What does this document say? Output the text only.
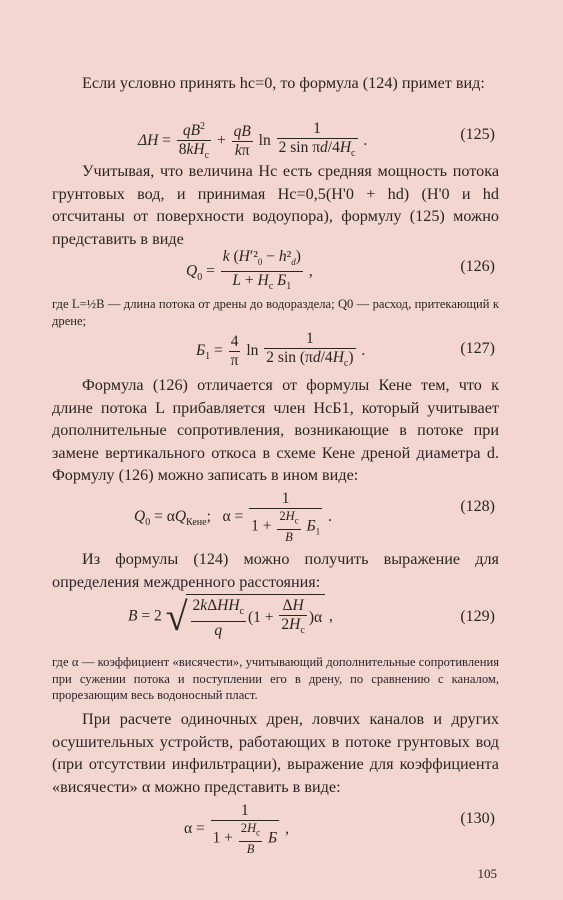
Если условно принять hс=0, то формула (124) примет вид:

$\Delta H = \frac{qB^2}{8kH_с} + \frac{qB}{k\pi}$ $\ln \frac{1}{2 \sin \pi d/4H_с}$ .	(125)

Учитывая, что величина Hс есть средняя мощность потока грунтовых вод, и принимая Hс=0,5(H'0 + hd) (H'0 и hd отсчитаны от поверхности водоупора), формулу (125) можно представить в виде

$Q_0 = \frac{k (H'^2_0 - h^2_d)}{L + H_с Б_1}$ ,	(126)

где L=½B — длина потока от дрены до водораздела; Q0 — расход, притекающий к дрене;

$Б_1 = \frac{4}{\pi}$ $\ln \frac{1}{2 \sin (\pi d/4H_с)}$ .	(127)

Формула (126) отличается от формулы Кене тем, что к длине потока L прибавляется член HсБ1, который учитывает дополнительные сопротивления, возникающие в потоке при замене вертикального откоса в схеме Кене дреной диаметра d. Формулу (126) можно записать в ином виде:

$Q_0 = \alpha Q_{Кене}$;   $\alpha = \frac{1}{1 + \frac{2H_с}{B} Б_1}$ .
(128)

Из формулы (124) можно получить выражение для определения междренного расстояния:

B = 2 √ $\frac{2k\Delta HH_с}{q} (1 + \frac{\Delta H}{2H_с} )\alpha$ ,	(129)

где α — коэффициент «висячести», учитывающий дополнительные сопротивления при сужении потока и поступлении его в дрену, по сравнению с каналом, прорезающим весь водоносный пласт.

При расчете одиночных дрен, ловчих каналов и других осушительных устройств, работающих в потоке грунтовых вод (при отсутствии инфильтрации), выражение для коэффициента «висячести» α можно представить в виде:

$\alpha = \frac{1}{1 + \frac{2H_с}{B} Б}$ ,
(130)
105
